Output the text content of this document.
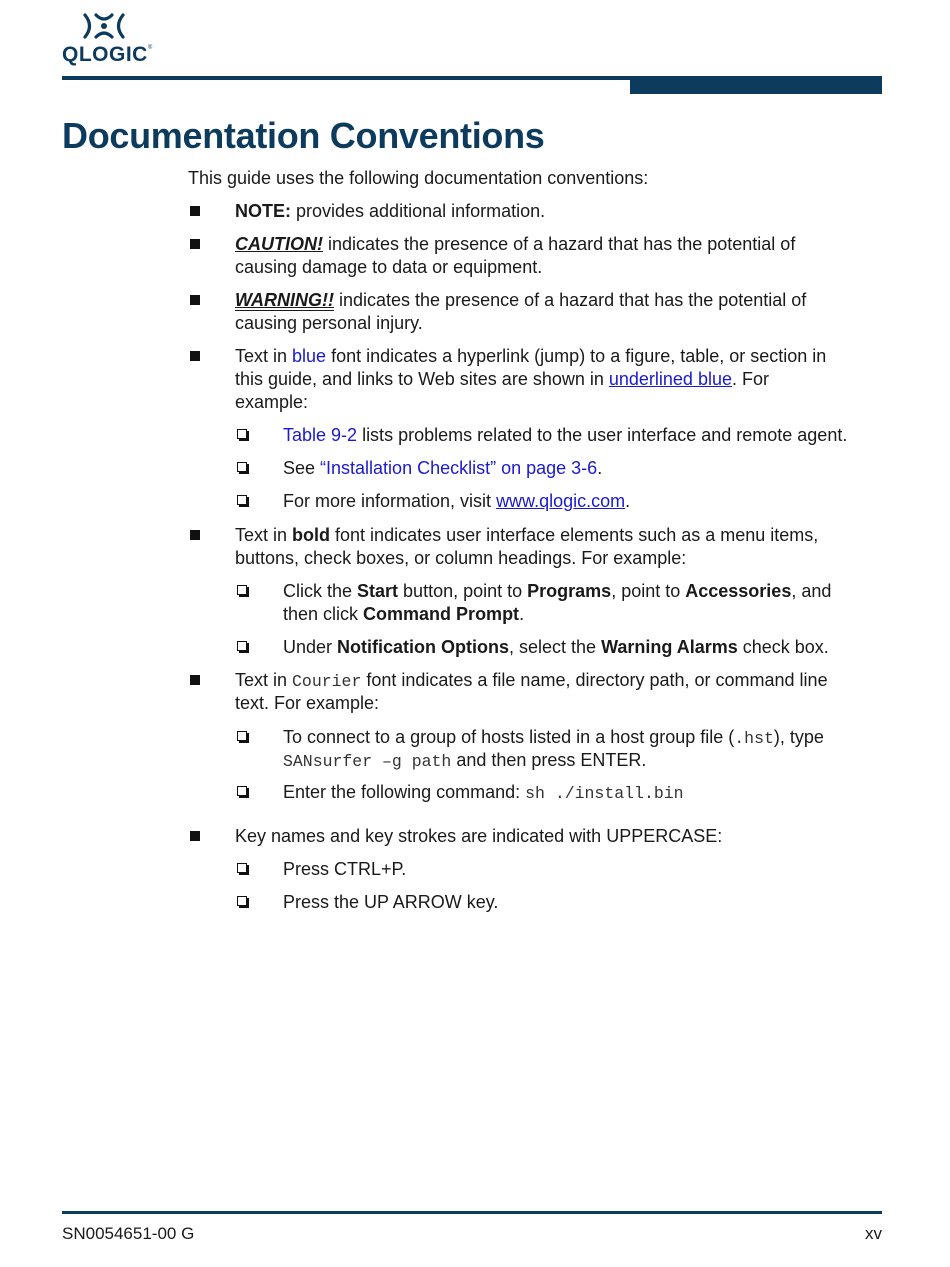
QLOGIC®
Documentation Conventions
This guide uses the following documentation conventions:
NOTE: provides additional information.
CAUTION! indicates the presence of a hazard that has the potential of
causing damage to data or equipment.
WARNING!! indicates the presence of a hazard that has the potential of
causing personal injury.
Text in blue font indicates a hyperlink (jump) to a figure, table, or section in
this guide, and links to Web sites are shown in underlined blue. For
example:
Table 9-2 lists problems related to the user interface and remote agent.
See “Installation Checklist” on page 3-6.
For more information, visit www.qlogic.com.
Text in bold font indicates user interface elements such as a menu items,
buttons, check boxes, or column headings. For example:
Click the Start button, point to Programs, point to Accessories, and
then click Command Prompt.
Under Notification Options, select the Warning Alarms check box.
Text in Courier font indicates a file name, directory path, or command line
text. For example:
To connect to a group of hosts listed in a host group file (.hst), type
SANsurfer –g path and then press ENTER.
Enter the following command: sh ./install.bin
Key names and key strokes are indicated with UPPERCASE:
Press CTRL+P.
Press the UP ARROW key.
SN0054651-00 G	xv
